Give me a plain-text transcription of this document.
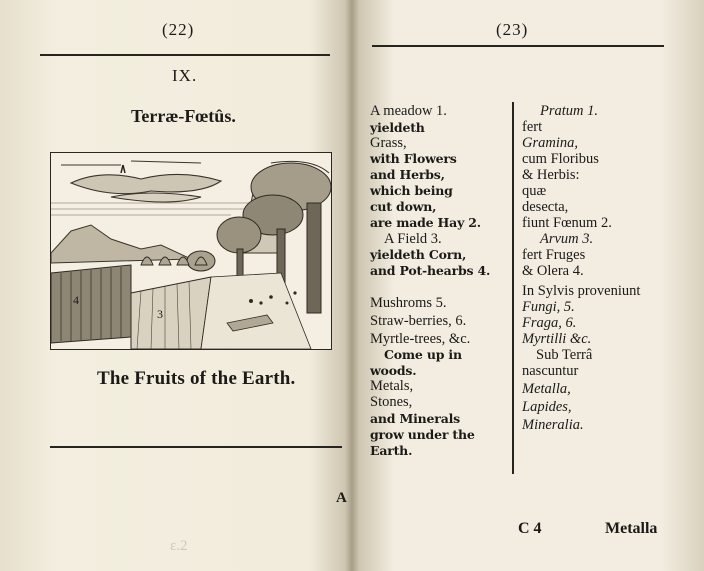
(22)
IX.
Terræ-Fœtûs.
4
3
The Fruits of the Earth.
A
ɛ.2
(23)
A meadow 1.
yieldeth
Grass,
with Flowers
and Herbs,
which being
cut down,
are made Hay 2.
A Field 3.
yieldeth Corn,
and Pot-hearbs 4.
Mushroms 5.
Straw-berries, 6.
Myrtle-trees, &c.
Come up in
woods.
Metals,
Stones,
and Minerals
grow under the
Earth.
Pratum 1.
fert
Gramina,
cum Floribus
& Herbis:
quæ
desecta,
fiunt Fœnum 2.
Arvum 3.
fert Fruges
& Olera 4.
In Sylvis proveniunt
Fungi, 5.
Fraga, 6.
Myrtilli &c.
Sub Terrâ
nascuntur
Metalla,
Lapides,
Mineralia.
C 4	Metalla
